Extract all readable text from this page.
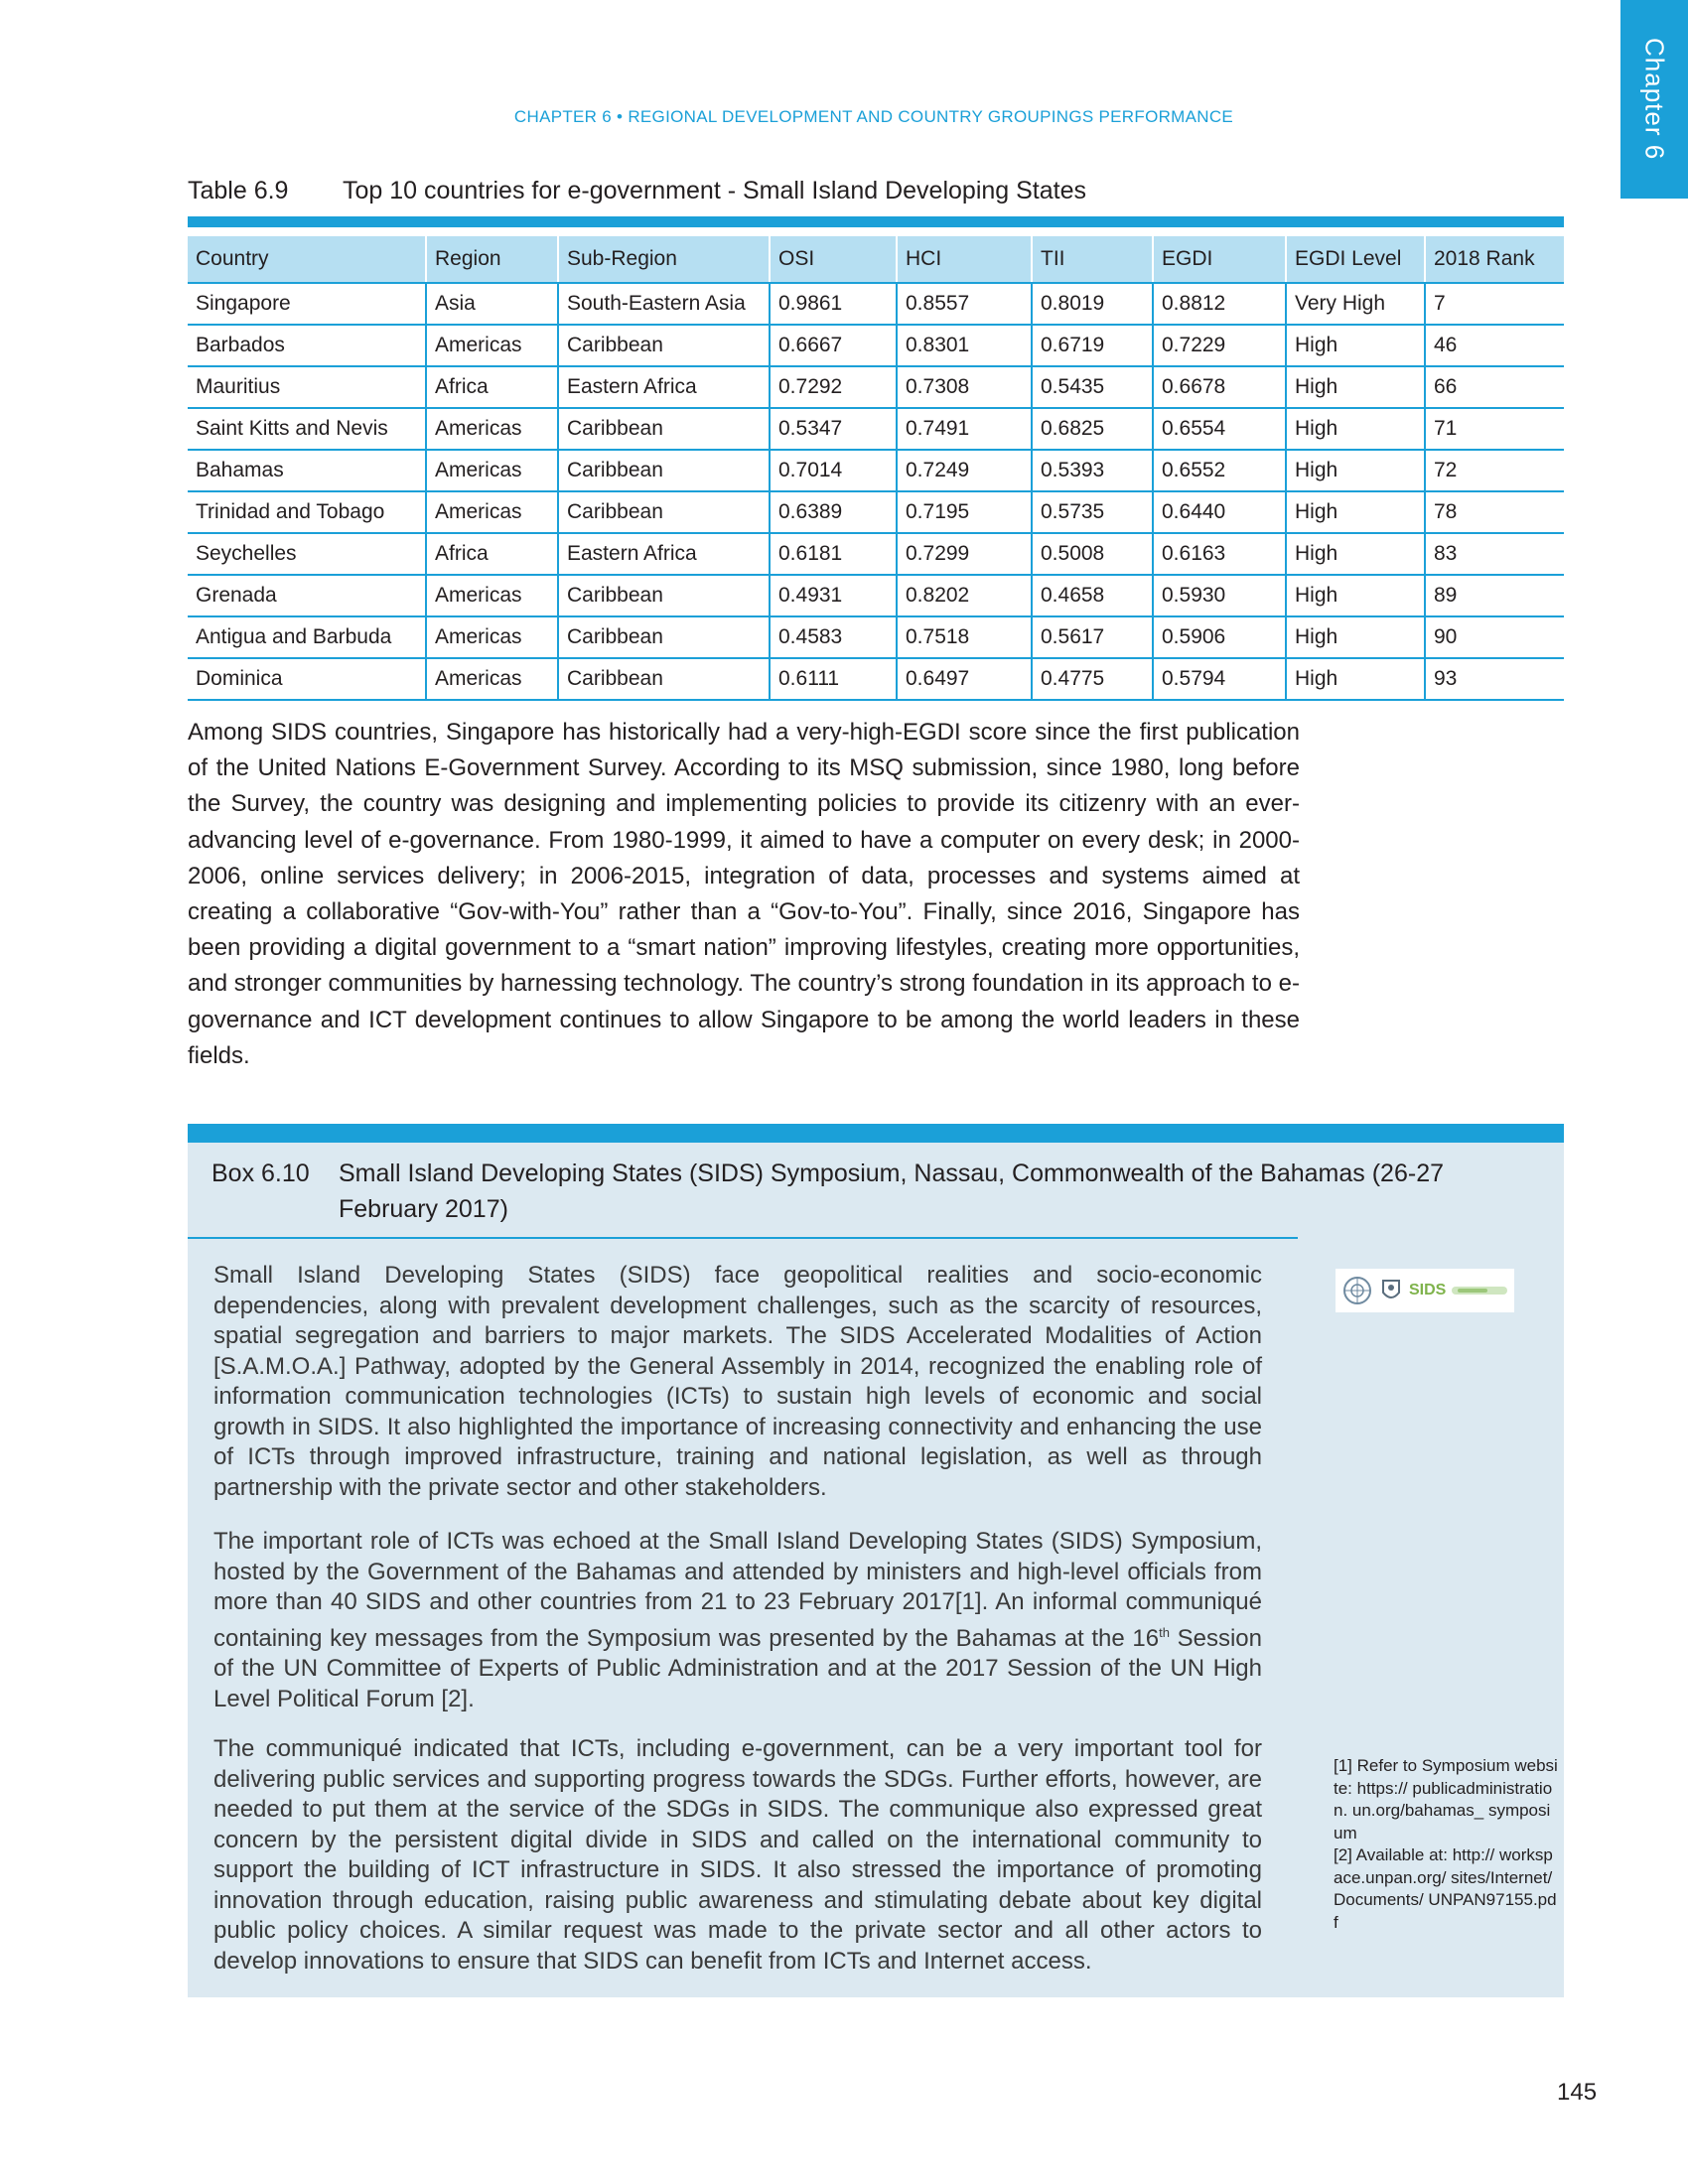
Chapter 6
CHAPTER 6 • REGIONAL DEVELOPMENT AND COUNTRY GROUPINGS PERFORMANCE
Table 6.9 Top 10 countries for e-government - Small Island Developing States
Country	Region	Sub-Region	OSI	HCI	TII	EGDI	EGDI Level	2018 Rank
Singapore	Asia	South-Eastern Asia	0.9861	0.8557	0.8019	0.8812	Very High	7
Barbados	Americas	Caribbean	0.6667	0.8301	0.6719	0.7229	High	46
Mauritius	Africa	Eastern Africa	0.7292	0.7308	0.5435	0.6678	High	66
Saint Kitts and Nevis	Americas	Caribbean	0.5347	0.7491	0.6825	0.6554	High	71
Bahamas	Americas	Caribbean	0.7014	0.7249	0.5393	0.6552	High	72
Trinidad and Tobago	Americas	Caribbean	0.6389	0.7195	0.5735	0.6440	High	78
Seychelles	Africa	Eastern Africa	0.6181	0.7299	0.5008	0.6163	High	83
Grenada	Americas	Caribbean	0.4931	0.8202	0.4658	0.5930	High	89
Antigua and Barbuda	Americas	Caribbean	0.4583	0.7518	0.5617	0.5906	High	90
Dominica	Americas	Caribbean	0.6111	0.6497	0.4775	0.5794	High	93

Among SIDS countries, Singapore has historically had a very-high-EGDI score since the first publication of the United Nations E-Government Survey. According to its MSQ submission, since 1980, long before the Survey, the country was designing and implementing policies to provide its citizenry with an ever-advancing level of e-governance. From 1980-1999, it aimed to have a computer on every desk; in 2000-2006, online services delivery; in 2006-2015, integration of data, processes and systems aimed at creating a collaborative “Gov-with-You” rather than a “Gov-to-You”. Finally, since 2016, Singapore has been providing a digital government to a “smart nation” improving lifestyles, creating more opportunities, and stronger communities by harnessing technology. The country’s strong foundation in its approach to e-governance and ICT development continues to allow Singapore to be among the world leaders in these fields.

Box 6.10 Small Island Developing States (SIDS) Symposium, Nassau, Commonwealth of the Bahamas (26-27 February 2017)

Small Island Developing States (SIDS) face geopolitical realities and socio-economic dependencies, along with prevalent development challenges, such as the scarcity of resources, spatial segregation and barriers to major markets. The SIDS Accelerated Modalities of Action [S.A.M.O.A.] Pathway, adopted by the General Assembly in 2014, recognized the enabling role of information communication technologies (ICTs) to sustain high levels of economic and social growth in SIDS. It also highlighted the importance of increasing connectivity and enhancing the use of ICTs through improved infrastructure, training and national legislation, as well as through partnership with the private sector and other stakeholders.

The important role of ICTs was echoed at the Small Island Developing States (SIDS) Symposium, hosted by the Government of the Bahamas and attended by ministers and high-level officials from more than 40 SIDS and other countries from 21 to 23 February 2017[1]. An informal communiqué containing key messages from the Symposium was presented by the Bahamas at the 16th Session of the UN Committee of Experts of Public Administration and at the 2017 Session of the UN High Level Political Forum [2].

The communiqué indicated that ICTs, including e-government, can be a very important tool for delivering public services and supporting progress towards the SDGs. Further efforts, however, are needed to put them at the service of the SDGs in SIDS. The communique also expressed great concern by the persistent digital divide in SIDS and called on the international community to support the building of ICT infrastructure in SIDS. It also stressed the importance of promoting innovation through education, raising public awareness and stimulating debate about key digital public policy choices. A similar request was made to the private sector and all other actors to develop innovations to ensure that SIDS can benefit from ICTs and Internet access.

SIDS
[1] Refer to Symposium website: https:// publicadministration. un.org/bahamas_ symposium
[2] Available at: http:// workspace.unpan.org/ sites/Internet/Documents/ UNPAN97155.pdf
145
